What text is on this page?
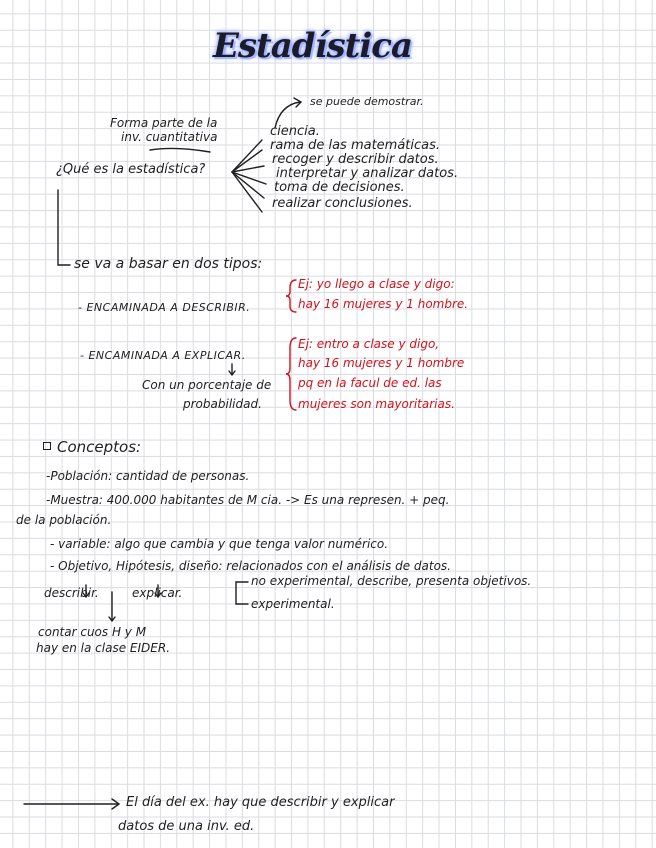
Estadística
Forma parte de la
inv. cuantitativa
¿Qué es la estadística?
se puede demostrar.
ciencia.
rama de las matemáticas.
recoger y describir datos.
interpretar y analizar datos.
toma de decisiones.
realizar conclusiones.
se va a basar en dos tipos:
- ENCAMINADA A DESCRIBIR.
Ej: yo llego a clase y digo:
hay 16 mujeres y 1 hombre.
- ENCAMINADA A EXPLICAR.
Con un porcentaje de
probabilidad.
Ej: entro a clase y digo,
hay 16 mujeres y 1 hombre
pq en la facul de ed. las
mujeres son mayoritarias.
Conceptos:
-Población: cantidad de personas.
-Muestra: 400.000 habitantes de M cia. -> Es una represen. + peq.
de la población.
- variable: algo que cambia y que tenga valor numérico.
- Objetivo, Hipótesis, diseño: relacionados con el análisis de datos.
describir.	explicar.
no experimental, describe, presenta objetivos.
experimental.
contar cuos H y M
hay en la clase EIDER.
El día del ex. hay que describir y explicar
datos de una inv. ed.
